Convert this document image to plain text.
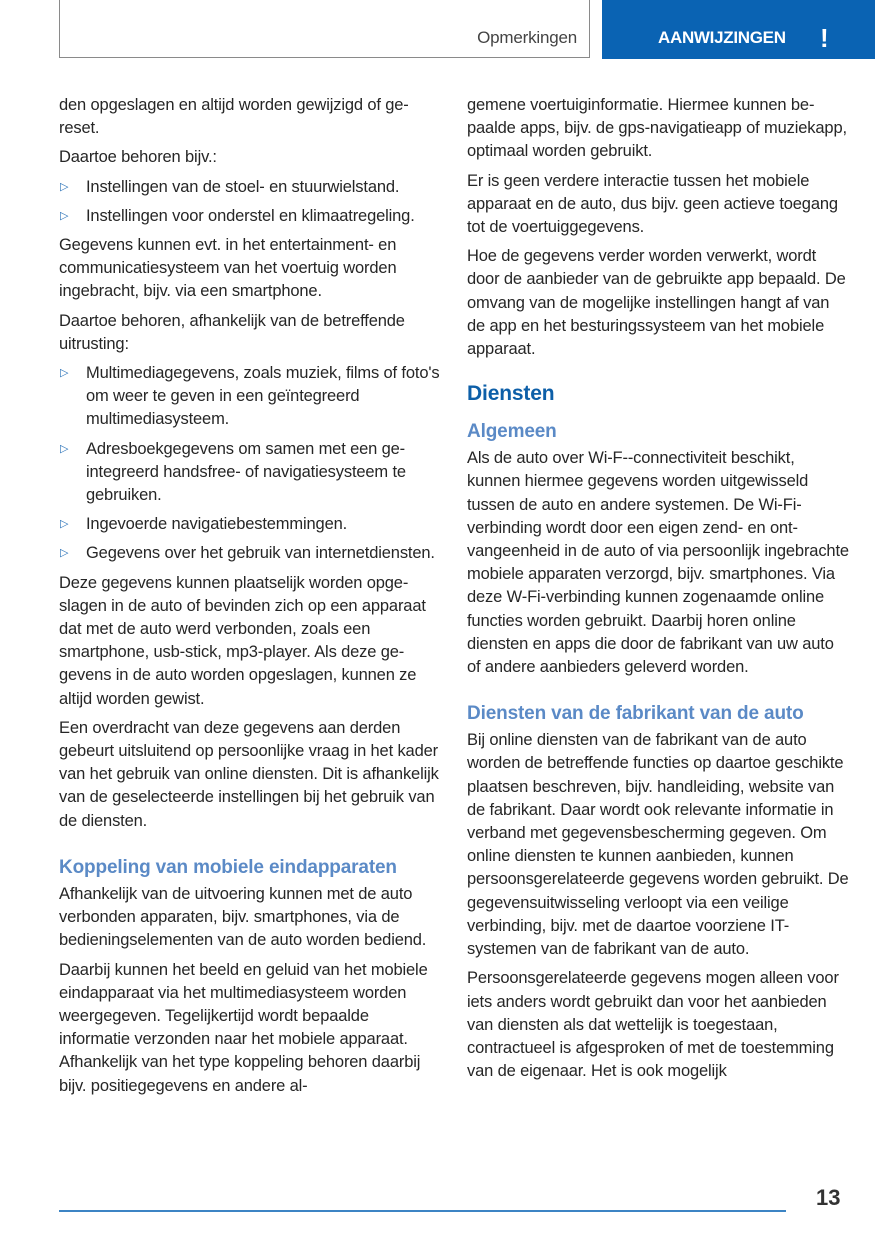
Opmerkingen	AANWIJZINGEN !

den opgeslagen en altijd worden gewijzigd of gereset.

Daartoe behoren bijv.:

▷ Instellingen van de stoel- en stuurwielstand.
▷ Instellingen voor onderstel en klimaatregeling.

Gegevens kunnen evt. in het entertainment- en communicatiesysteem van het voertuig worden ingebracht, bijv. via een smartphone.

Daartoe behoren, afhankelijk van de betreffende uitrusting:

▷ Multimediagegevens, zoals muziek, films of foto's om weer te geven in een geïntegreerd multimediasysteem.
▷ Adresboekgegevens om samen met een geintegreerd handsfree- of navigatiesysteem te gebruiken.
▷ Ingevoerde navigatiebestemmingen.
▷ Gegevens over het gebruik van internetdiensten.

Deze gegevens kunnen plaatselijk worden opgeslagen in de auto of bevinden zich op een apparaat dat met de auto werd verbonden, zoals een smartphone, usb-stick, mp3-player. Als deze gegevens in de auto worden opgeslagen, kunnen ze altijd worden gewist.

Een overdracht van deze gegevens aan derden gebeurt uitsluitend op persoonlijke vraag in het kader van het gebruik van online diensten. Dit is afhankelijk van de geselecteerde instellingen bij het gebruik van de diensten.

Koppeling van mobiele eindapparaten

Afhankelijk van de uitvoering kunnen met de auto verbonden apparaten, bijv. smartphones, via de bedieningselementen van de auto worden bediend.

Daarbij kunnen het beeld en geluid van het mobiele eindapparaat via het multimediasysteem worden weergegeven. Tegelijkertijd wordt bepaalde informatie verzonden naar het mobiele apparaat. Afhankelijk van het type koppeling behoren daarbij bijv. positiegegevens en andere al-

gemene voertuiginformatie. Hiermee kunnen bepaalde apps, bijv. de gps-navigatieapp of muziekapp, optimaal worden gebruikt.

Er is geen verdere interactie tussen het mobiele apparaat en de auto, dus bijv. geen actieve toegang tot de voertuiggegevens.

Hoe de gegevens verder worden verwerkt, wordt door de aanbieder van de gebruikte app bepaald. De omvang van de mogelijke instellingen hangt af van de app en het besturingssysteem van het mobiele apparaat.

Diensten
Algemeen

Als de auto over Wi-F--connectiviteit beschikt, kunnen hiermee gegevens worden uitgewisseld tussen de auto en andere systemen. De Wi-Fi-verbinding wordt door een eigen zend- en ontvangeenheid in de auto of via persoonlijk ingebrachte mobiele apparaten verzorgd, bijv. smartphones. Via deze W-Fi-verbinding kunnen zogenaamde online functies worden gebruikt. Daarbij horen online diensten en apps die door de fabrikant van uw auto of andere aanbieders geleverd worden.

Diensten van de fabrikant van de auto

Bij online diensten van de fabrikant van de auto worden de betreffende functies op daartoe geschikte plaatsen beschreven, bijv. handleiding, website van de fabrikant. Daar wordt ook relevante informatie in verband met gegevensbescherming gegeven. Om online diensten te kunnen aanbieden, kunnen persoonsgerelateerde gegevens worden gebruikt. De gegevensuitwisseling verloopt via een veilige verbinding, bijv. met de daartoe voorziene IT-systemen van de fabrikant van de auto.

Persoonsgerelateerde gegevens mogen alleen voor iets anders wordt gebruikt dan voor het aanbieden van diensten als dat wettelijk is toegestaan, contractueel is afgesproken of met de toestemming van de eigenaar. Het is ook mogelijk

13
